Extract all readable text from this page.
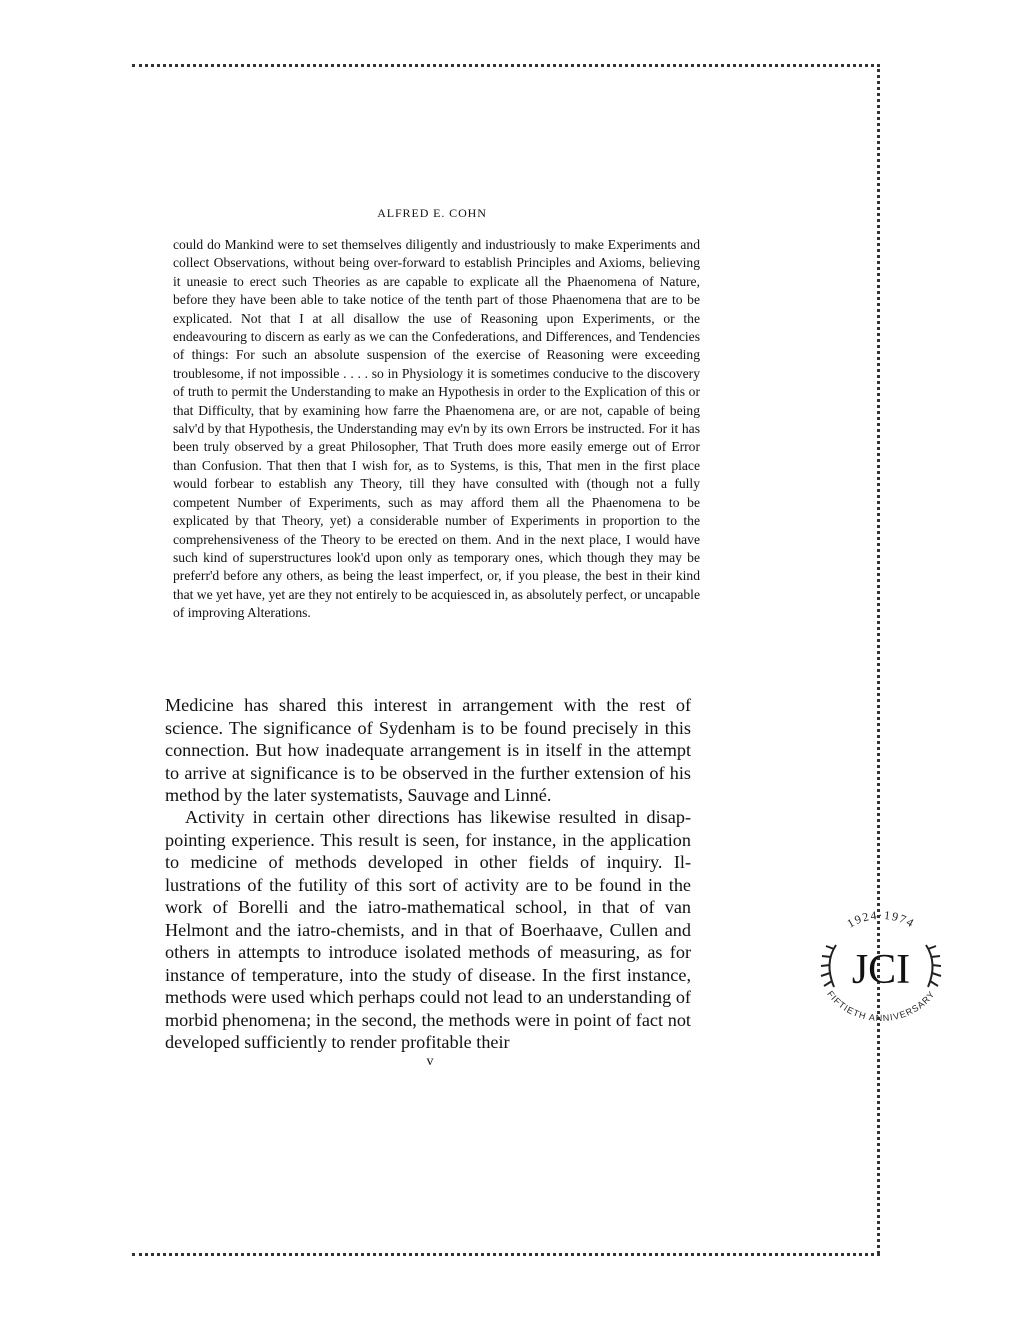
ALFRED E. COHN

could do Mankind were to set themselves diligently and industriously to make Experiments and collect Observations, without being over-forward to establish Principles and Axioms, believing it uneasie to erect such Theories as are capable to explicate all the Phaenomena of Nature, before they have been able to take notice of the tenth part of those Phaenomena that are to be explicated. Not that I at all disallow the use of Reasoning upon Experiments, or the endeavouring to discern as early as we can the Confederations, and Differences, and Tendencies of things: For such an absolute suspension of the exercise of Reasoning were exceeding troublesome, if not impossible . . . . so in Physiology it is sometimes conducive to the discovery of truth to permit the Understanding to make an Hypothesis in order to the Explication of this or that Difficulty, that by examining how farre the Phaenomena are, or are not, capable of being salv'd by that Hypothesis, the Understanding may ev'n by its own Errors be instructed. For it has been truly observed by a great Philosopher, That Truth does more easily emerge out of Error than Confusion. That then that I wish for, as to Systems, is this, That men in the first place would forbear to establish any Theory, till they have consulted with (though not a fully competent Number of Experiments, such as may afford them all the Phaenomena to be explicated by that Theory, yet) a considerable number of Experiments in proportion to the comprehensiveness of the Theory to be erected on them. And in the next place, I would have such kind of superstructures look'd upon only as temporary ones, which though they may be preferr'd before any others, as being the least imperfect, or, if you please, the best in their kind that we yet have, yet are they not entirely to be acquiesced in, as absolutely perfect, or uncapable of improving Alterations.

Medicine has shared this interest in arrangement with the rest of science. The significance of Sydenham is to be found precisely in this connection. But how inadequate arrangement is in itself in the attempt to arrive at significance is to be observed in the further extension of his method by the later systematists, Sauvage and Linné.

Activity in certain other directions has likewise resulted in disappointing experience. This result is seen, for instance, in the application to medicine of methods developed in other fields of inquiry. Illustrations of the futility of this sort of activity are to be found in the work of Borelli and the iatro-mathematical school, in that of van Helmont and the iatro-chemists, and in that of Boerhaave, Cullen and others in attempts to introduce isolated methods of measuring, as for instance of temperature, into the study of disease. In the first instance, methods were used which perhaps could not lead to an understanding of morbid phenomena; in the second, the methods were in point of fact not developed sufficiently to render profitable their

v

1924·1974
JCI
FIFTIETH ANNIVERSARY
